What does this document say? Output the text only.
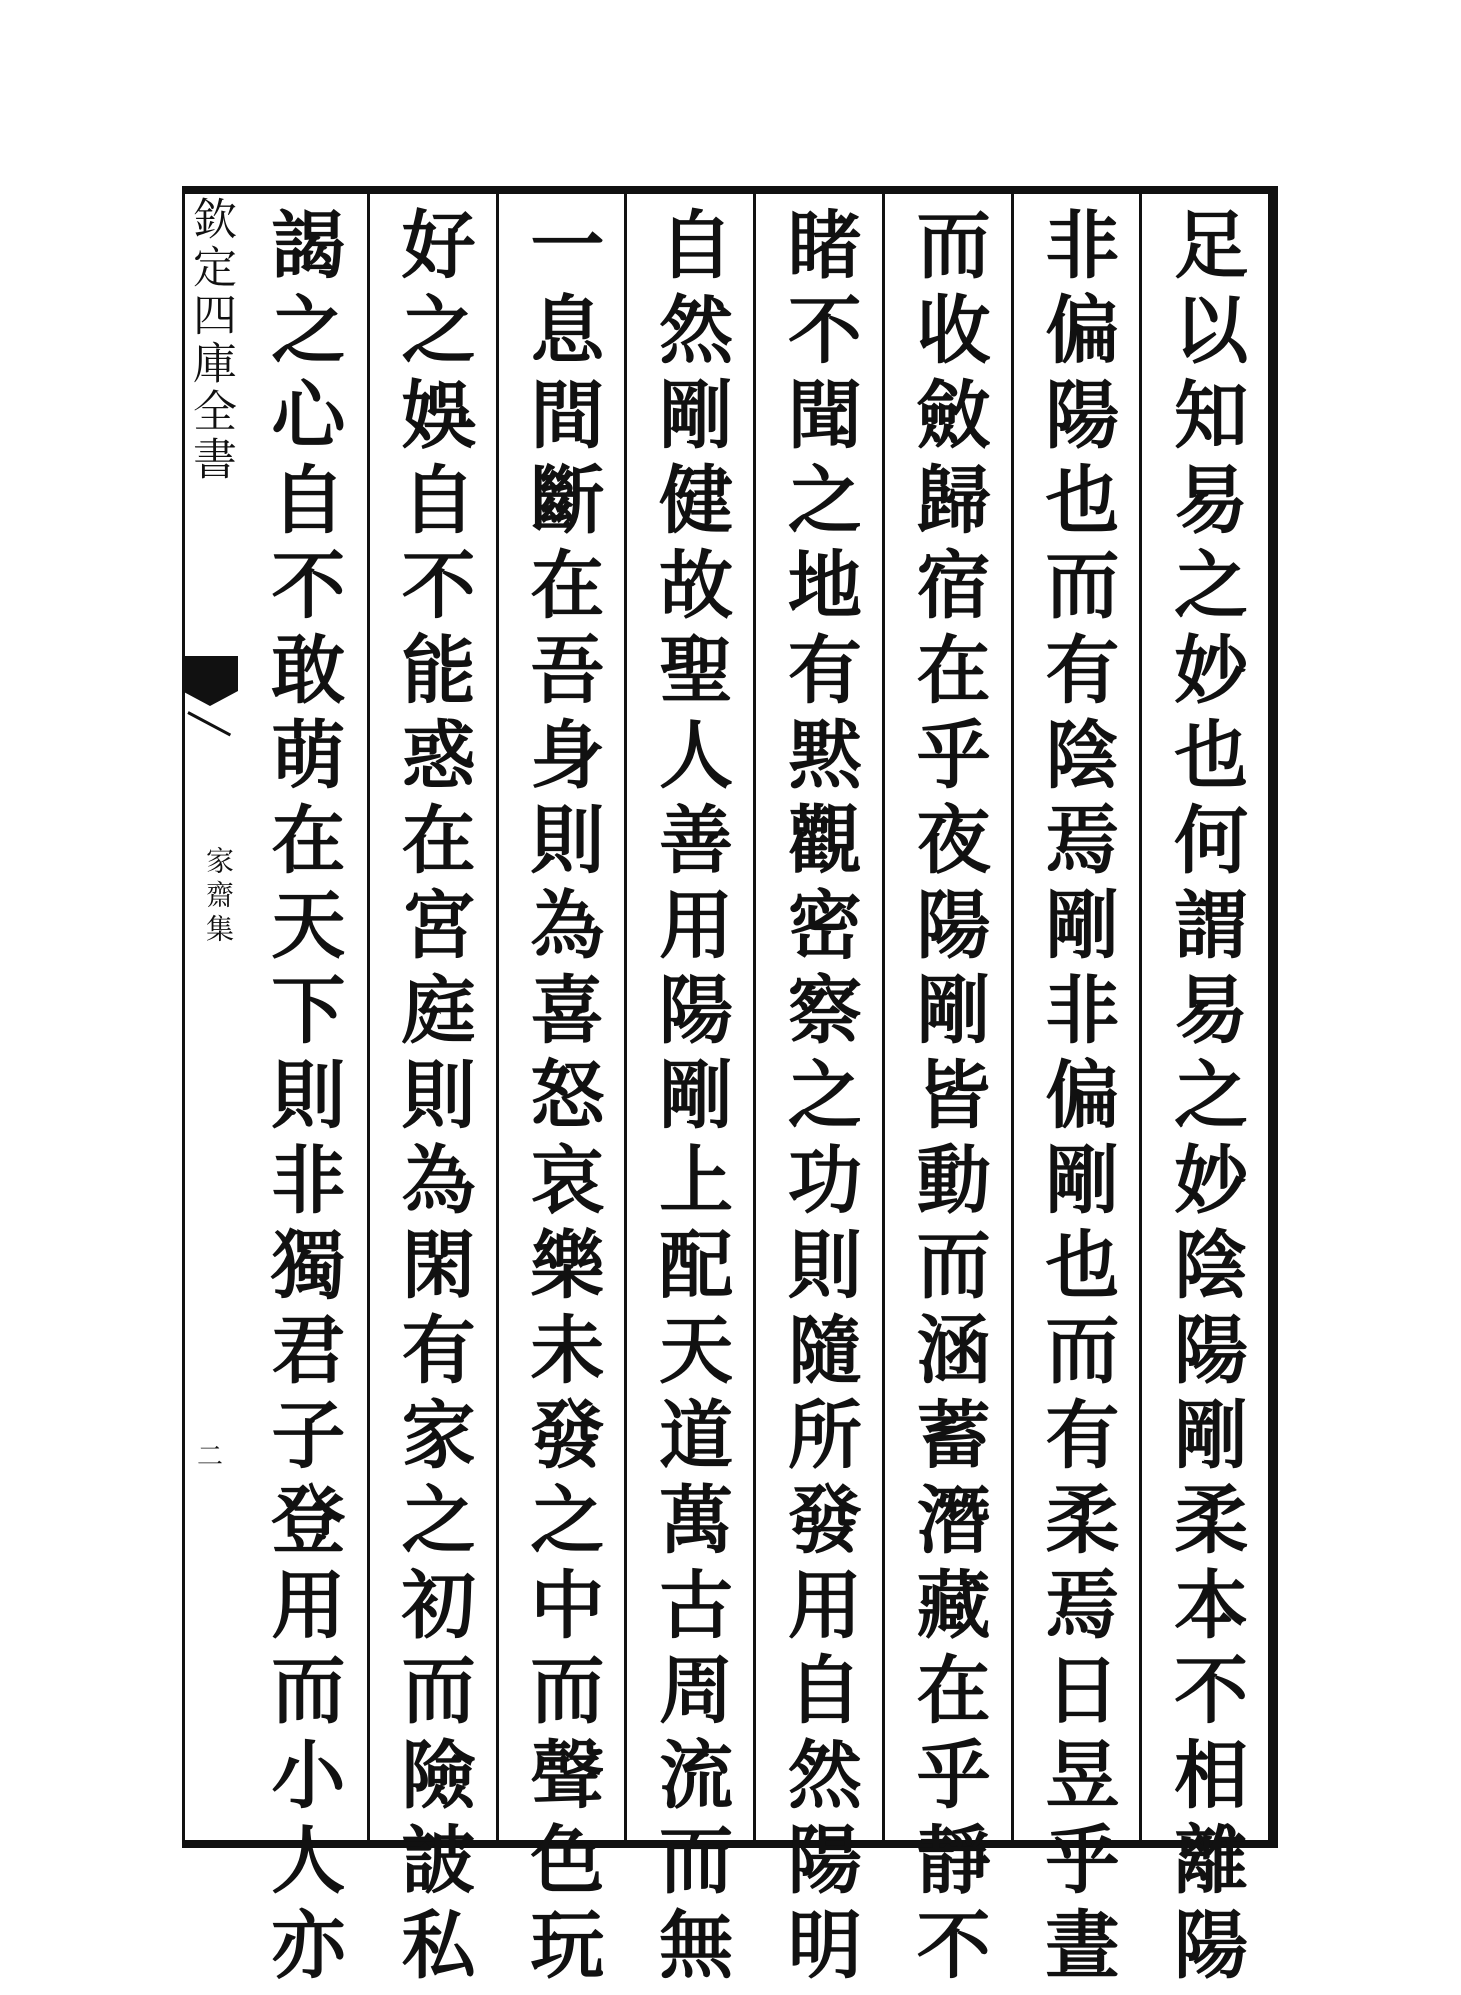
欽定四庫全書
家齋集
二	足以知易之妙也何謂易之妙陰陽剛柔本不相離陽
非偏陽也而有陰焉剛非偏剛也而有柔焉日昱乎晝
而收斂歸宿在乎夜陽剛皆動而涵蓄潛藏在乎靜不
睹不聞之地有黙觀密察之功則隨所發用自然陽明
自然剛健故聖人善用陽剛上配天道萬古周流而無
一息間斷在吾身則為喜怒哀樂未發之中而聲色玩
好之娛自不能惑在宮庭則為閑有家之初而險詖私
謁之心自不敢萌在天下則非獨君子登用而小人亦
